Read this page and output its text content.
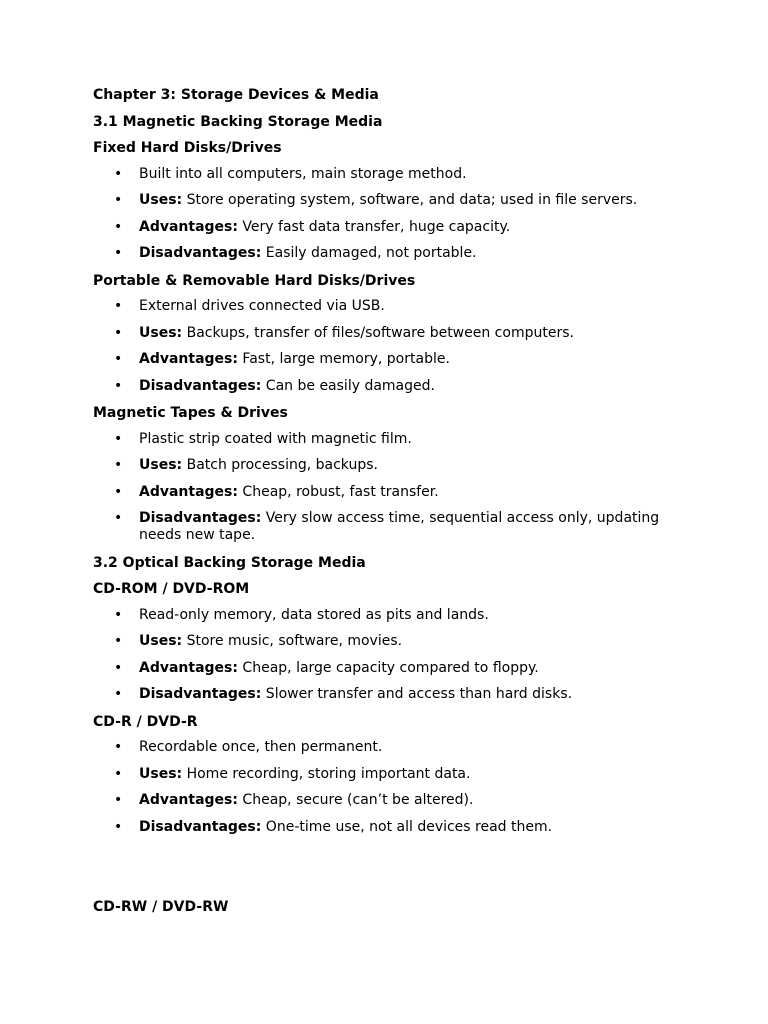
Chapter 3: Storage Devices & Media
3.1 Magnetic Backing Storage Media
Fixed Hard Disks/Drives
• Built into all computers, main storage method.
• Uses: Store operating system, software, and data; used in file servers.
• Advantages: Very fast data transfer, huge capacity.
• Disadvantages: Easily damaged, not portable.
Portable & Removable Hard Disks/Drives
• External drives connected via USB.
• Uses: Backups, transfer of files/software between computers.
• Advantages: Fast, large memory, portable.
• Disadvantages: Can be easily damaged.
Magnetic Tapes & Drives
• Plastic strip coated with magnetic film.
• Uses: Batch processing, backups.
• Advantages: Cheap, robust, fast transfer.
• Disadvantages: Very slow access time, sequential access only, updating needs new tape.
3.2 Optical Backing Storage Media
CD-ROM / DVD-ROM
• Read-only memory, data stored as pits and lands.
• Uses: Store music, software, movies.
• Advantages: Cheap, large capacity compared to floppy.
• Disadvantages: Slower transfer and access than hard disks.
CD-R / DVD-R
• Recordable once, then permanent.
• Uses: Home recording, storing important data.
• Advantages: Cheap, secure (can’t be altered).
• Disadvantages: One-time use, not all devices read them.
CD-RW / DVD-RW
